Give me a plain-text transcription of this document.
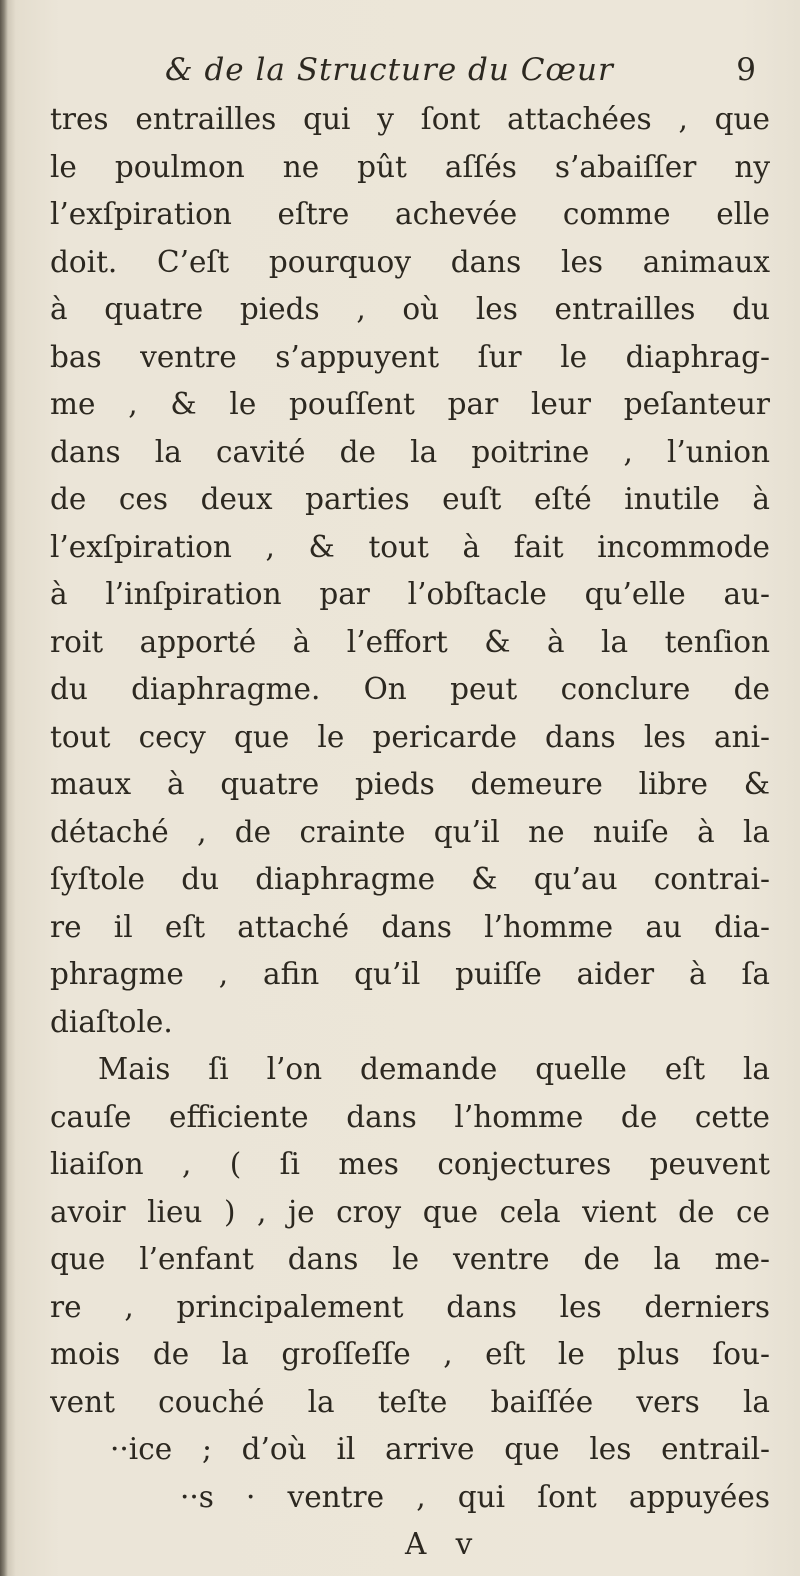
& de la Structure du Cœur	9

tres entrailles qui y ſont attachées , que
le poulmon ne pût aſſés s’abaiſſer ny
l’exſpiration eſtre achevée comme elle
doit. C’eſt pourquoy dans les animaux
à quatre pieds , où les entrailles du
bas ventre s’appuyent ſur le diaphrag-
me , & le pouſſent par leur peſanteur
dans la cavité de la poitrine , l’union
de ces deux parties euſt eſté inutile à
l’exſpiration , & tout à fait incommode
à l’inſpiration par l’obſtacle qu’elle au-
roit apporté à l’effort & à la tenſion
du diaphragme. On peut conclure de
tout cecy que le pericarde dans les ani-
maux à quatre pieds demeure libre &
détaché , de crainte qu’il ne nuiſe à la
ſyſtole du diaphragme & qu’au contrai-
re il eſt attaché dans l’homme au dia-
phragme , afin qu’il puiſſe aider à ſa
diaſtole.

Mais ſi l’on demande quelle eſt la
cauſe efficiente dans l’homme de cette
liaiſon , ( ſi mes conjectures peuvent
avoir lieu ) , je croy que cela vient de ce
que l’enfant dans le ventre de la me-
re , principalement dans les derniers
mois de la groſſeſſe , eſt le plus ſou-
vent couché la teſte baiſſée vers la
··ice ; d’où il arrive que les entrail-
··s · ventre , qui ſont appuyées

A v
